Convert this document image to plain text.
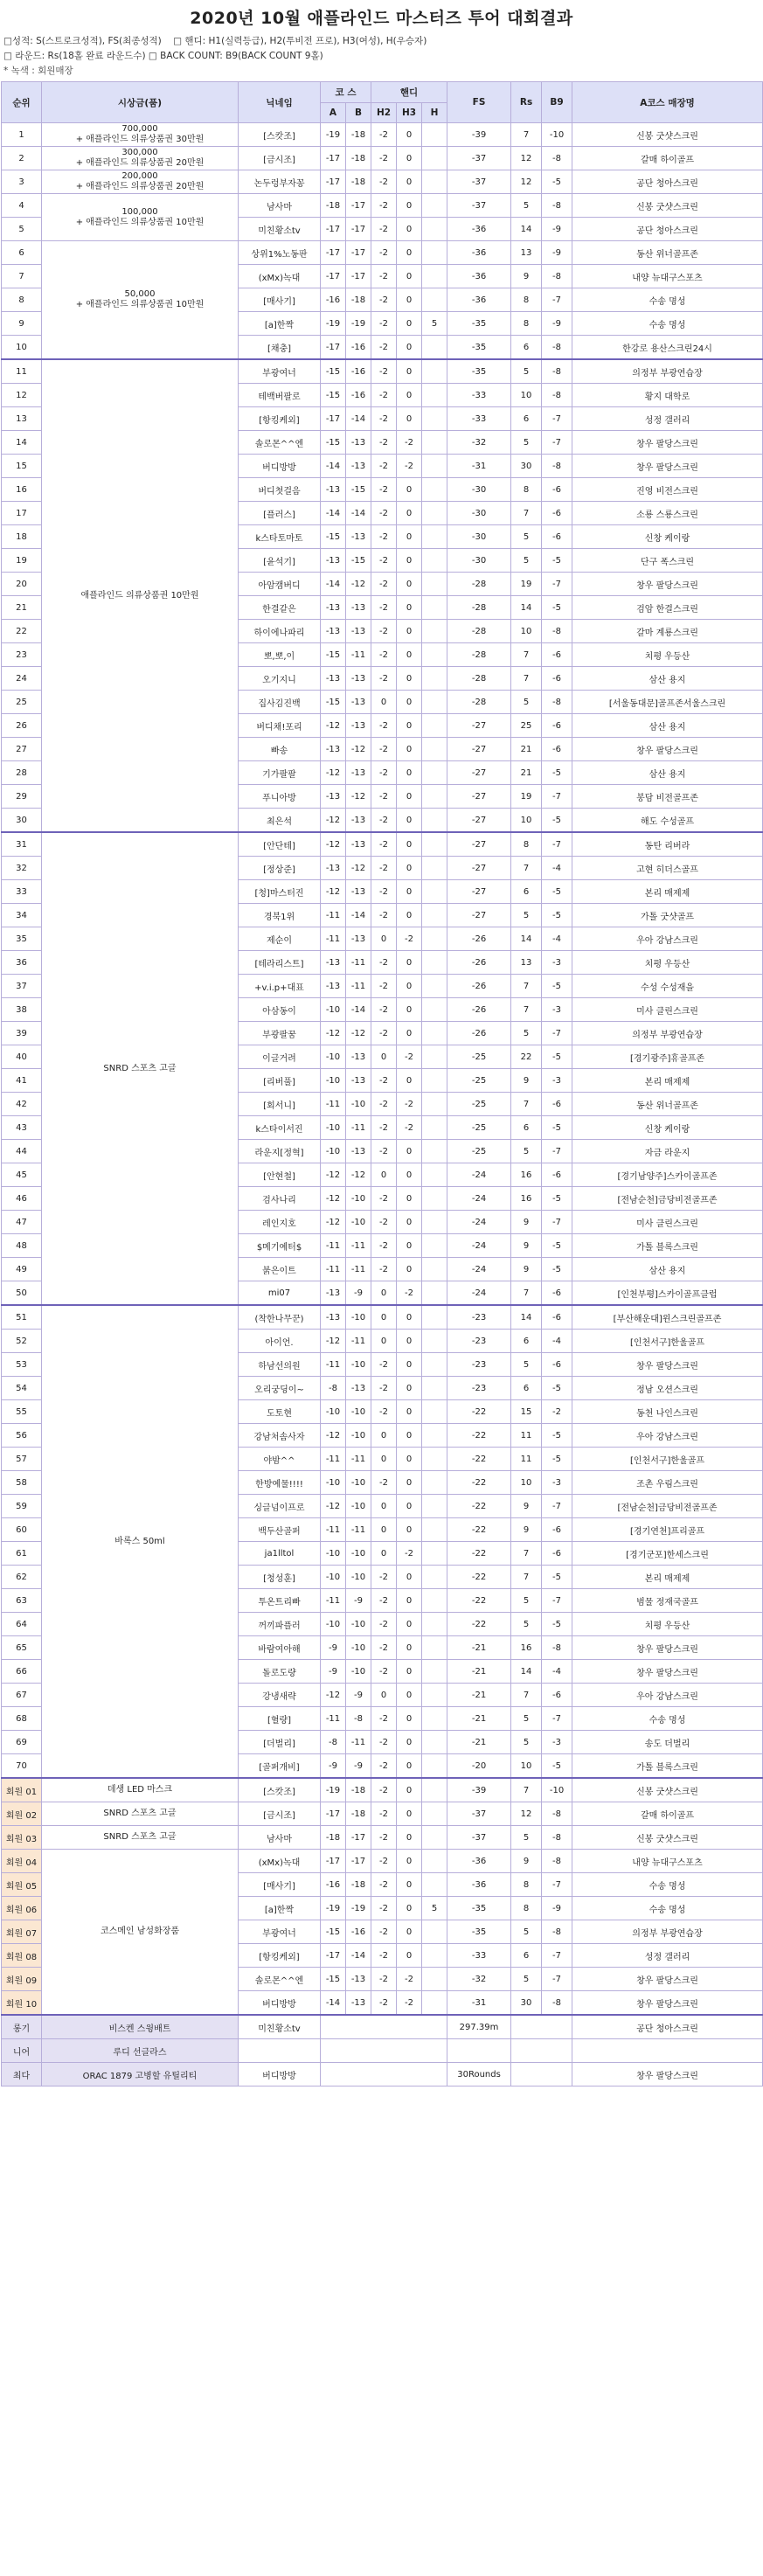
2020년 10월 애플라인드 마스터즈 투어 대회결과
□성적: S(스트로크성적), FS(최종성적) □ 핸디: H1(실력등급), H2(투비전 프로), H3(여성), H(우승자)
□ 라운드: Rs(18홀 완료 라운드수) □ BACK COUNT: B9(BACK COUNT 9홀)
* 녹색 : 회원매장
순위	시상금(품)	닉네임	코 스		핸디			FS	Rs	B9	A코스 매장명
			A	B	H2	H3	H				
1	700,000
+ 애플라인드 의류상품권 30만원	[스캇조]	-19	-18	-2	0		-39	7	-10	신봉 굿샷스크린
2	300,000
+ 애플라인드 의류상품권 20만원	[금시조]	-17	-18	-2	0		-37	12	-8	갈매 하이골프
3	200,000
+ 애플라인드 의류상품권 20만원	논두렁부자꽁	-17	-18	-2	0		-37	12	-5	공단 청아스크린
4	100,000
+ 애플라인드 의류상품권 10만원	남사마	-18	-17	-2	0		-37	5	-8	신봉 굿샷스크린
5		미친황소tv	-17	-17	-2	0		-36	14	-9	공단 청아스크린
6	50,000
+ 애플라인드 의류상품권 10만원	상위1%노동판	-17	-17	-2	0		-36	13	-9	동산 위너골프존
7		(xMx)녹대	-17	-17	-2	0		-36	9	-8	내양 뉴대구스포츠
8		[매사기]	-16	-18	-2	0		-36	8	-7	수송 명성
9		[a]한짝	-19	-19	-2	0	5	-35	8	-9	수송 명성
10		[채충]	-17	-16	-2	0		-35	6	-8	한강로 용산스크린24시
11	애플라인드 의류상품권 10만원	부광여너	-15	-16	-2	0		-35	5	-8	의정부 부광연습장
12		테백버팔로	-15	-16	-2	0		-33	10	-8	황지 대학로
13		[항킹케외]	-17	-14	-2	0		-33	6	-7	성정 갤러리
14		솔로몬^^엔	-15	-13	-2	-2		-32	5	-7	창우 팔당스크린
15		버디방방	-14	-13	-2	-2		-31	30	-8	창우 팔당스크린
16		버디첫걸음	-13	-15	-2	0		-30	8	-6	진영 비전스크린
17		[플러스]	-14	-14	-2	0		-30	7	-6	소룡 스룡스크린
18		k스타토마토	-15	-13	-2	0		-30	5	-6	신창 케이랑
19		[윤석기]	-13	-15	-2	0		-30	5	-5	단구 폭스크린
20		아암캠버디	-14	-12	-2	0		-28	19	-7	창우 팔당스크린
21		한결같은	-13	-13	-2	0		-28	14	-5	검암 한결스크린
22		하이에나파리	-13	-13	-2	0		-28	10	-8	갈마 계룡스크린
23		뽀,뽀,이	-15	-11	-2	0		-28	7	-6	치평 우등산
24		오기지니	-13	-13	-2	0		-28	7	-6	삼산 용지
25		집사김진백	-15	-13	0	0		-28	5	-8	[서울동대문]골프존서울스크린
26		버디채!포리	-12	-13	-2	0		-27	25	-6	삼산 용지
27		빠송	-13	-12	-2	0		-27	21	-6	창우 팔당스크린
28		기가팔팔	-12	-13	-2	0		-27	21	-5	삼산 용지
29		푸니아방	-13	-12	-2	0		-27	19	-7	봉담 비전골프존
30		최은석	-12	-13	-2	0		-27	10	-5	해도 수성골프
31	SNRD 스포츠 고글	[안단테]	-12	-13	-2	0		-27	8	-7	동탄 리버라
32		[정상준]	-13	-12	-2	0		-27	7	-4	고현 히더스골프
33		[청]마스터진	-12	-13	-2	0		-27	6	-5	본리 매제제
34		경북1위	-11	-14	-2	0		-27	5	-5	가톨 굿샷골프
35		제순이	-11	-13	0	-2		-26	14	-4	우아 강남스크린
36		[테라리스트]	-13	-11	-2	0		-26	13	-3	치평 우등산
37		+v.i.p+대표	-13	-11	-2	0		-26	7	-5	수성 수성재을
38		아삼동이	-10	-14	-2	0		-26	7	-3	미사 클린스크린
39		부광팔꿈	-12	-12	-2	0		-26	5	-7	의정부 부광연습장
40		이글거려	-10	-13	0	-2		-25	22	-5	[경기광주]휴골프존
41		[리버풀]	-10	-13	-2	0		-25	9	-3	본리 매제제
42		[회서니]	-11	-10	-2	-2		-25	7	-6	동산 위너골프존
43		k스타이서진	-10	-11	-2	-2		-25	6	-5	신창 케이랑
44		라운지[정혁]	-10	-13	-2	0		-25	5	-7	자금 라운지
45		[안현철]	-12	-12	0	0		-24	16	-6	[경기남양주]스카이골프존
46		검사나리	-12	-10	-2	0		-24	16	-5	[전남순천]금당비전골프존
47		레인지호	-12	-10	-2	0		-24	9	-7	미사 클린스크린
48		$메기예터$	-11	-11	-2	0		-24	9	-5	가톨 블록스크린
49		붉은이트	-11	-11	-2	0		-24	9	-5	삼산 용지
50		mi07	-13	-9	0	-2		-24	7	-6	[인천부평]스카이골프클럽
51	바록스 50ml	(착한나무꾼)	-13	-10	0	0		-23	14	-6	[부산해운대]윈스크린골프존
52		아이언.	-12	-11	0	0		-23	6	-4	[인천서구]한울골프
53		하남선의원	-11	-10	-2	0		-23	5	-6	창우 팔당스크린
54		오리궁딩이~	-8	-13	-2	0		-23	6	-5	정남 오션스크린
55		도토현	-10	-10	-2	0		-22	15	-2	동천 나인스크린
56		강남처솜사자	-12	-10	0	0		-22	11	-5	우아 강남스크린
57		야밤^^	-11	-11	0	0		-22	11	-5	[인천서구]한울골프
58		한방예물!!!!	-10	-10	-2	0		-22	10	-3	조촌 우림스크린
59		싱글넘이프로	-12	-10	0	0		-22	9	-7	[전남순천]금당비전골프존
60		백두산골퍼	-11	-11	0	0		-22	9	-6	[경기연천]프리골프
61		ja1lltol	-10	-10	0	-2		-22	7	-6	[경기군포]한세스크린
62		[청성훈]	-10	-10	-2	0		-22	7	-5	본리 매제제
63		투온트리빠	-11	-9	-2	0		-22	5	-7	범물 정재국골프
64		꺼끼파플러	-10	-10	-2	0		-22	5	-5	치평 우등산
65		바람여아해	-9	-10	-2	0		-21	16	-8	창우 팔당스크린
66		돌로도량	-9	-10	-2	0		-21	14	-4	창우 팔당스크린
67		강냉새략	-12	-9	0	0		-21	7	-6	우아 강남스크린
68		[혈량]	-11	-8	-2	0		-21	5	-7	수송 명성
69		[더벌리]	-8	-11	-2	0		-21	5	-3	송도 더벌리
70		[골퍼개비]	-9	-9	-2	0		-20	10	-5	가톨 블록스크린
회원 01	데생 LED 마스크	[스캇조]	-19	-18	-2	0		-39	7	-10	신봉 굿샷스크린
회원 02	SNRD 스포츠 고글	[금시조]	-17	-18	-2	0		-37	12	-8	갈매 하이골프
회원 03	SNRD 스포츠 고글	남사마	-18	-17	-2	0		-37	5	-8	신봉 굿샷스크린
회원 04	코스메인 남성화장품	(xMx)녹대	-17	-17	-2	0		-36	9	-8	내양 뉴대구스포츠
회원 05		[매사기]	-16	-18	-2	0		-36	8	-7	수송 명성
회원 06		[a]한짝	-19	-19	-2	0	5	-35	8	-9	수송 명성
회원 07		부광여너	-15	-16	-2	0		-35	5	-8	의정부 부광연습장
회원 08		[항킹케외]	-17	-14	-2	0		-33	6	-7	성정 갤러리
회원 09		솔로몬^^엔	-15	-13	-2	-2		-32	5	-7	창우 팔당스크린
회원 10		버디방방	-14	-13	-2	-2		-31	30	-8	창우 팔당스크린
롱기	비스켄 스윙배트	미친황소tv						297.39m			공단 청아스크린
니어	루디 선글라스										
최다	ORAC 1879 고병할 유틸리티	버디방방						30Rounds			창우 팔당스크린
